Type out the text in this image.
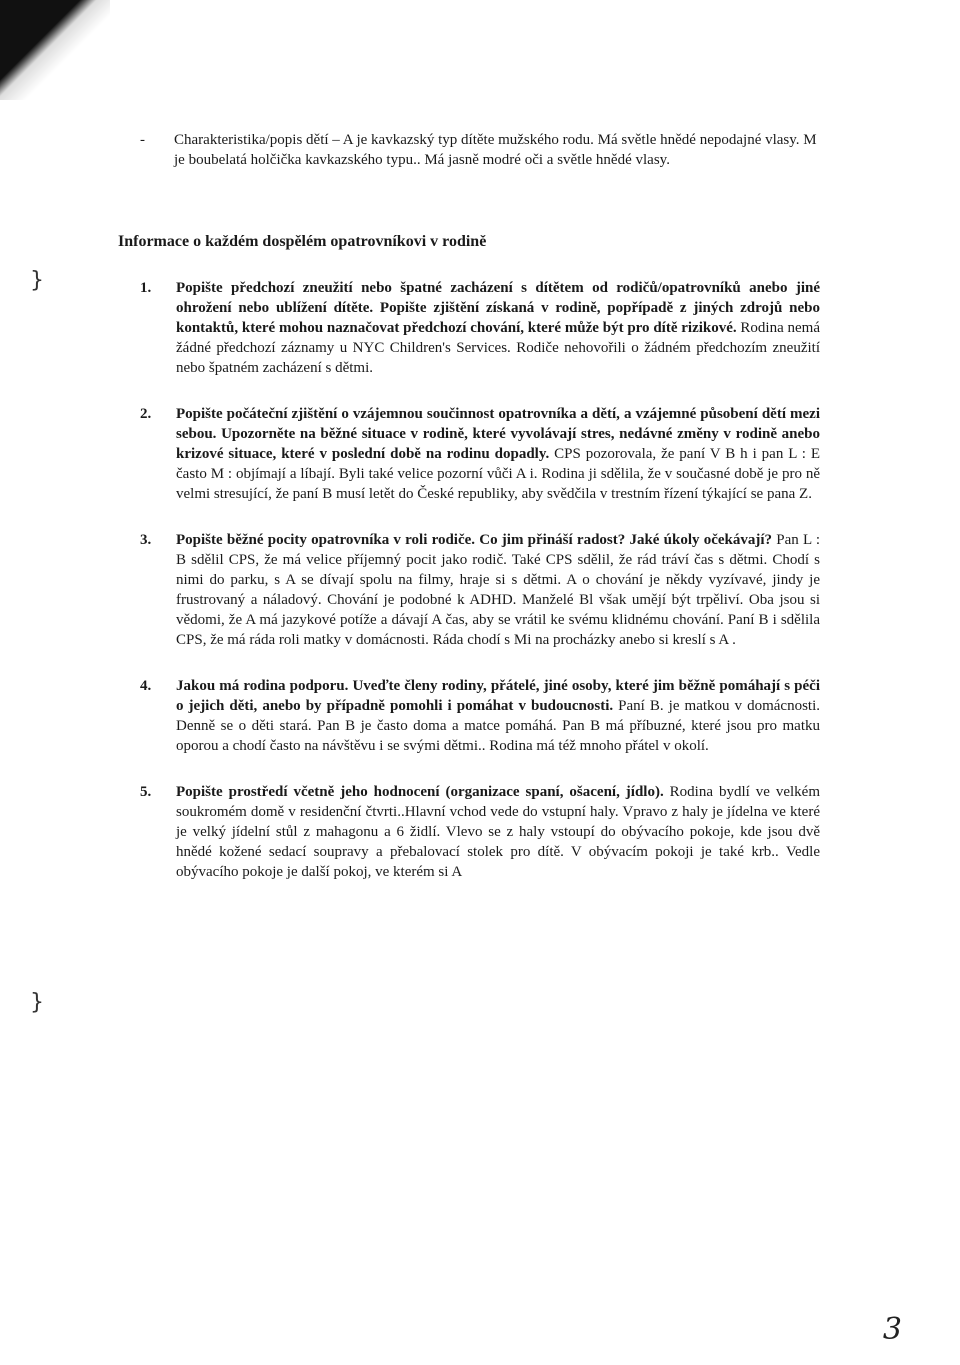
}
}
-	Charakteristika/popis dětí – A je kavkazský typ dítěte mužského rodu. Má světle hnědé nepodajné vlasy. M je boubelatá holčička kavkazského typu.. Má jasně modré oči a světle hnědé vlasy.
Informace o každém dospělém opatrovníkovi v rodině
1.	Popište předchozí zneužití nebo špatné zacházení s dítětem od rodičů/opatrovníků anebo jiné ohrožení nebo ublížení dítěte. Popište zjištění získaná v rodině, popřípadě z jiných zdrojů nebo kontaktů, které mohou naznačovat předchozí chování, které může být pro dítě rizikové. Rodina nemá žádné předchozí záznamy u NYC Children's Services. Rodiče nehovořili o žádném předchozím zneužití nebo špatném zacházení s dětmi.
2.	Popište počáteční zjištění o vzájemnou součinnost opatrovníka a dětí, a vzájemné působení dětí mezi sebou. Upozorněte na běžné situace v rodině, které vyvolávají stres, nedávné změny v rodině anebo krizové situace, které v poslední době na rodinu dopadly. CPS pozorovala, že paní V B h i pan L : E častо M : objímají a líbají. Byli také velice pozorní vůči A i. Rodina ji sdělila, že v současné době je pro ně velmi stresující, že paní B musí letět do České republiky, aby svědčila v trestním řízení týkající se pana Z.
3.	Popište běžné pocity opatrovníka v roli rodiče. Co jim přináší radost? Jaké úkoly očekávají? Pan L : B sdělil CPS, že má velice příjemný pocit jako rodič. Také CPS sdělil, že rád tráví čas s dětmi. Chodí s nimi do parku, s A se dívají spolu na filmy, hraje si s dětmi. A o chování je někdy vyzívavé, jindy je frustrovaný a náladový. Chování je podobné k ADHD. Manželé Bl však umějí být trpěliví. Oba jsou si vědomi, že A má jazykové potíže a dávají A čas, aby se vrátil ke svému klidnému chování. Paní B i sdělila CPS, že má ráda roli matky v domácnosti. Ráda chodí s Mi na procházky anebo si kreslí s A .
4.	Jakou má rodina podporu. Uveďte členy rodiny, přátelé, jiné osoby, které jim běžně pomáhají s péči o jejich děti, anebo by případně pomohli i pomáhat v budoucnosti. Paní B. je matkou v domácnosti. Denně se o děti stará. Pan B je často doma a matce pomáhá. Pan B má příbuzné, které jsou pro matku oporou a chodí často na návštěvu i se svými dětmi.. Rodina má též mnoho přátel v okolí.
5.	Popište prostředí včetně jeho hodnocení (organizace spaní, ošacení, jídlo). Rodina bydlí ve velkém soukromém domě v residenční čtvrti..Hlavní vchod vede do vstupní haly. Vpravo z haly je jídelna ve které je velký jídelní stůl z mahagonu a 6 židlí. Vlevo se z haly vstoupí do obývacího pokoje, kde jsou dvě hnědé kožené sedací soupravy a přebalovací stolek pro dítě. V obývacím pokoji je také krb.. Vedle obývacího pokoje je další pokoj, ve kterém si A
3
